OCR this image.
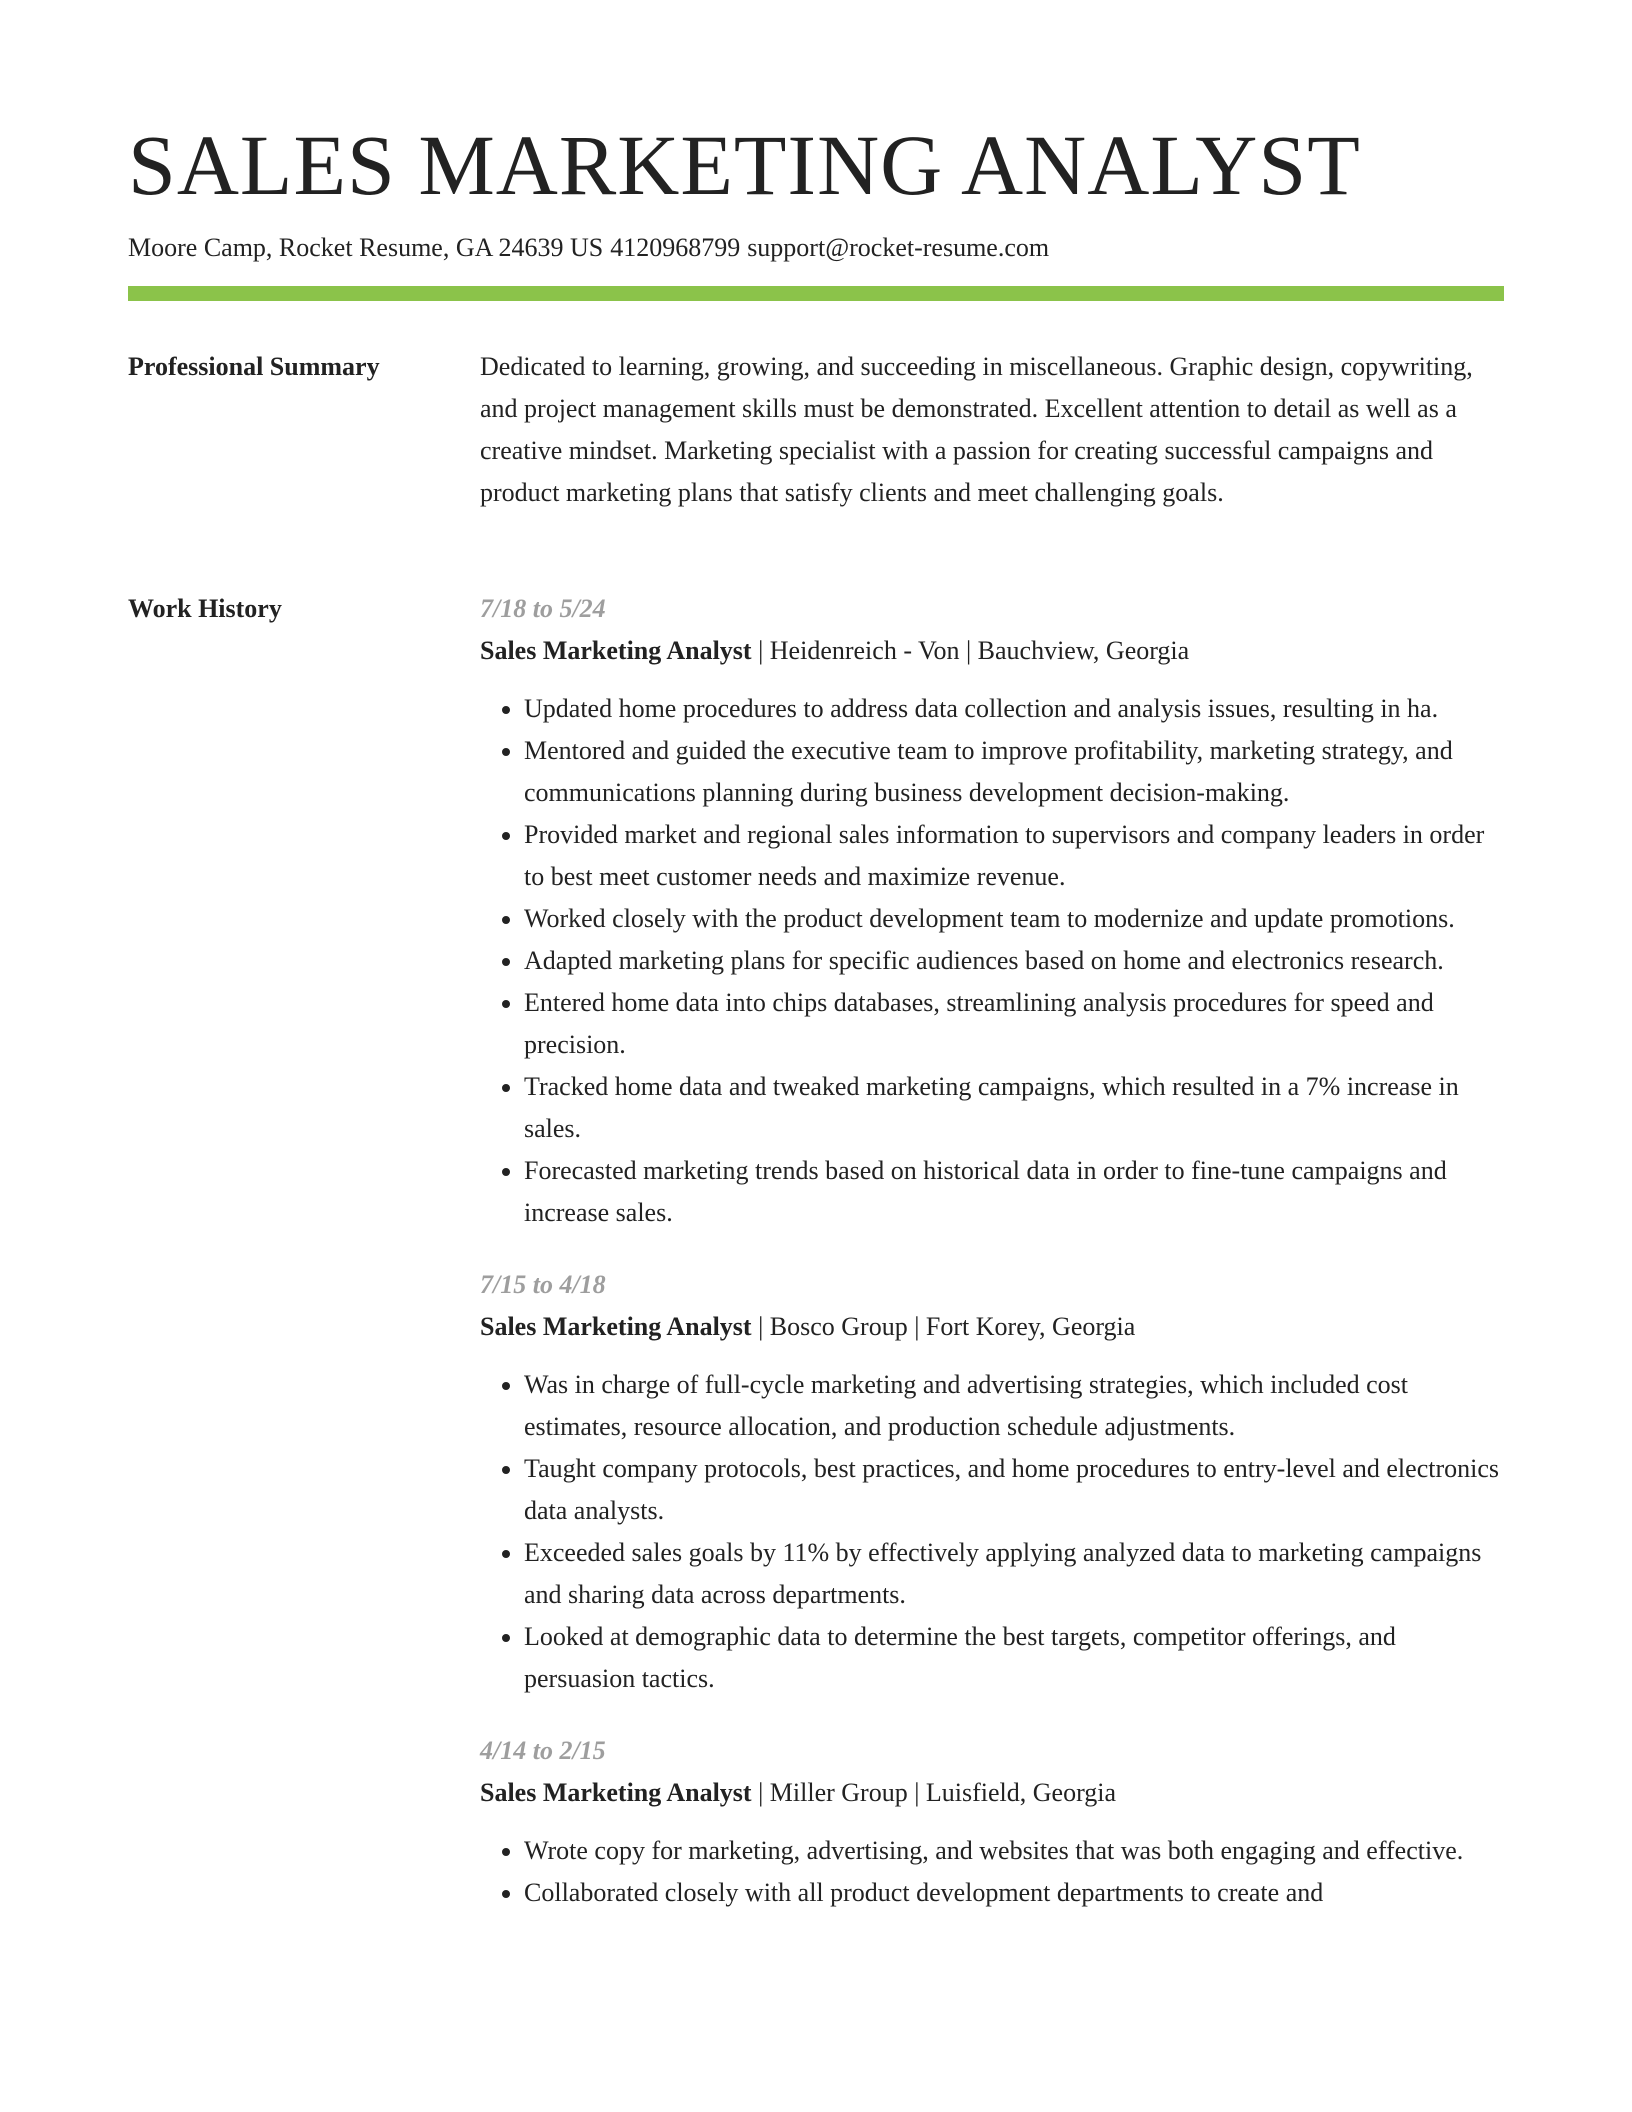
SALES MARKETING ANALYST
Moore Camp, Rocket Resume, GA 24639 US 4120968799 support@rocket-resume.com
Professional Summary	Dedicated to learning, growing, and succeeding in miscellaneous. Graphic design, copywriting, and project management skills must be demonstrated. Excellent attention to detail as well as a creative mindset. Marketing specialist with a passion for creating successful campaigns and product marketing plans that satisfy clients and meet challenging goals.

Work History	7/18 to 5/24
Sales Marketing Analyst | Heidenreich - Von | Bauchview, Georgia
• Updated home procedures to address data collection and analysis issues, resulting in ha.
• Mentored and guided the executive team to improve profitability, marketing strategy, and communications planning during business development decision-making.
• Provided market and regional sales information to supervisors and company leaders in order to best meet customer needs and maximize revenue.
• Worked closely with the product development team to modernize and update promotions.
• Adapted marketing plans for specific audiences based on home and electronics research.
• Entered home data into chips databases, streamlining analysis procedures for speed and precision.
• Tracked home data and tweaked marketing campaigns, which resulted in a 7% increase in sales.
• Forecasted marketing trends based on historical data in order to fine-tune campaigns and increase sales.
7/15 to 4/18
Sales Marketing Analyst | Bosco Group | Fort Korey, Georgia
• Was in charge of full-cycle marketing and advertising strategies, which included cost estimates, resource allocation, and production schedule adjustments.
• Taught company protocols, best practices, and home procedures to entry-level and electronics data analysts.
• Exceeded sales goals by 11% by effectively applying analyzed data to marketing campaigns and sharing data across departments.
• Looked at demographic data to determine the best targets, competitor offerings, and persuasion tactics.
4/14 to 2/15
Sales Marketing Analyst | Miller Group | Luisfield, Georgia
• Wrote copy for marketing, advertising, and websites that was both engaging and effective.
• Collaborated closely with all product development departments to create and
